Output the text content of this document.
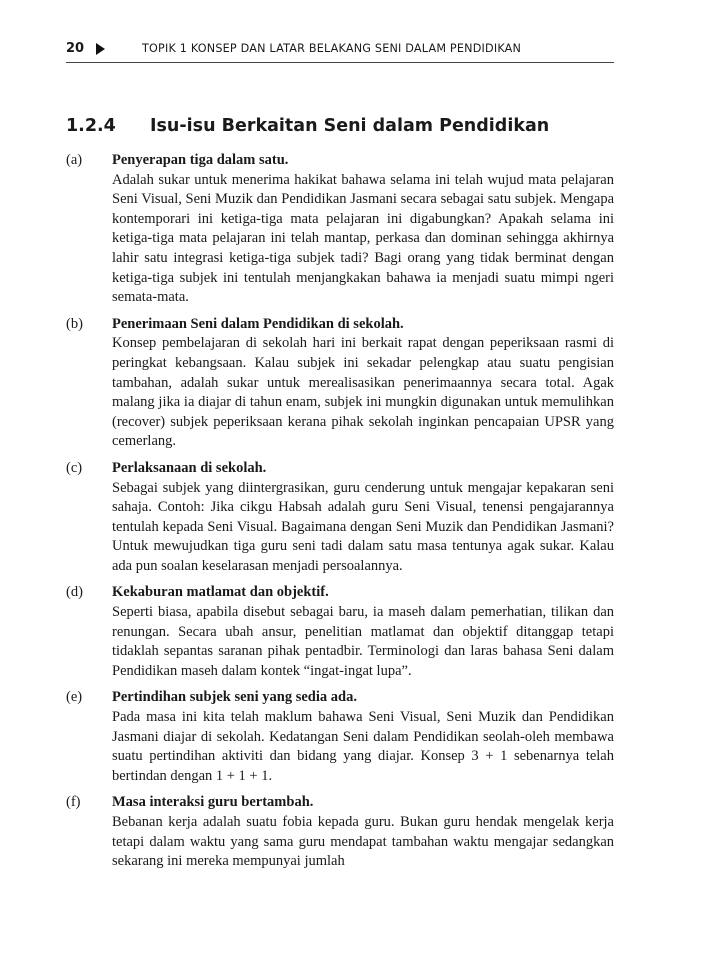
20	TOPIK 1 KONSEP DAN LATAR BELAKANG SENI DALAM PENDIDIKAN
1.2.4 Isu-isu Berkaitan Seni dalam Pendidikan
(a) Penyerapan tiga dalam satu.
Adalah sukar untuk menerima hakikat bahawa selama ini telah wujud mata pelajaran Seni Visual, Seni Muzik dan Pendidikan Jasmani secara sebagai satu subjek. Mengapa kontemporari ini ketiga-tiga mata pelajaran ini digabungkan? Apakah selama ini ketiga-tiga mata pelajaran ini telah mantap, perkasa dan dominan sehingga akhirnya lahir satu integrasi ketiga-tiga subjek tadi? Bagi orang yang tidak berminat dengan ketiga-tiga subjek ini tentulah menjangkakan bahawa ia menjadi suatu mimpi ngeri semata-mata.
(b) Penerimaan Seni dalam Pendidikan di sekolah.
Konsep pembelajaran di sekolah hari ini berkait rapat dengan peperiksaan rasmi di peringkat kebangsaan. Kalau subjek ini sekadar pelengkap atau suatu pengisian tambahan, adalah sukar untuk merealisasikan penerimaannya secara total. Agak malang jika ia diajar di tahun enam, subjek ini mungkin digunakan untuk memulihkan (recover) subjek peperiksaan kerana pihak sekolah inginkan pencapaian UPSR yang cemerlang.
(c) Perlaksanaan di sekolah.
Sebagai subjek yang diintergrasikan, guru cenderung untuk mengajar kepakaran seni sahaja. Contoh: Jika cikgu Habsah adalah guru Seni Visual, tenensi pengajarannya tentulah kepada Seni Visual. Bagaimana dengan Seni Muzik dan Pendidikan Jasmani? Untuk mewujudkan tiga guru seni tadi dalam satu masa tentunya agak sukar. Kalau ada pun soalan keselarasan menjadi persoalannya.
(d) Kekaburan matlamat dan objektif.
Seperti biasa, apabila disebut sebagai baru, ia maseh dalam pemerhatian, tilikan dan renungan. Secara ubah ansur, penelitian matlamat dan objektif ditanggap tetapi tidaklah sepantas saranan pihak pentadbir. Terminologi dan laras bahasa Seni dalam Pendidikan maseh dalam kontek “ingat-ingat lupa”.
(e) Pertindihan subjek seni yang sedia ada.
Pada masa ini kita telah maklum bahawa Seni Visual, Seni Muzik dan Pendidikan Jasmani diajar di sekolah. Kedatangan Seni dalam Pendidikan seolah-oleh membawa suatu pertindihan aktiviti dan bidang yang diajar. Konsep 3 + 1 sebenarnya telah bertindan dengan 1 + 1 + 1.
(f) Masa interaksi guru bertambah.
Bebanan kerja adalah suatu fobia kepada guru. Bukan guru hendak mengelak kerja tetapi dalam waktu yang sama guru mendapat tambahan waktu mengajar sedangkan sekarang ini mereka mempunyai jumlah
